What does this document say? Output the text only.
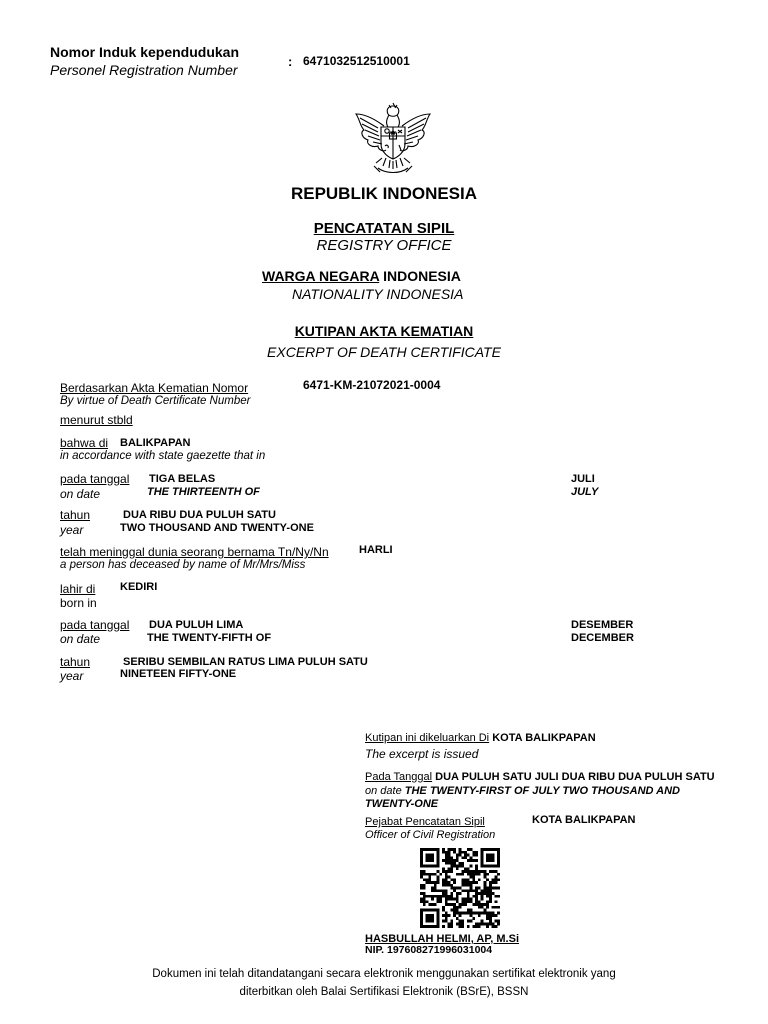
Nomor Induk kependudukan
Personel Registration Number
: 6471032512510001
REPUBLIK INDONESIA
PENCATATAN SIPIL
REGISTRY OFFICE
WARGA NEGARA INDONESIA
NATIONALITY INDONESIA
KUTIPAN AKTA KEMATIAN
EXCERPT OF DEATH CERTIFICATE
Berdasarkan Akta Kematian Nomor	6471-KM-21072021-0004
By virtue of Death Certificate Number
menurut stbld
bahwa di BALIKPAPAN
in accordance with state gaezette that in
pada tanggal TIGA BELAS	JULI
on date	THE THIRTEENTH OF	JULY
tahun	DUA RIBU DUA PULUH SATU
year	TWO THOUSAND AND TWENTY-ONE
telah meninggal dunia seorang bernama Tn/Ny/Nn	HARLI
a person has deceased by name of Mr/Mrs/Miss
lahir di KEDIRI
born in
pada tanggal DUA PULUH LIMA	DESEMBER
on date	THE TWENTY-FIFTH OF	DECEMBER
tahun	SERIBU SEMBILAN RATUS LIMA PULUH SATU
year	NINETEEN FIFTY-ONE
Kutipan ini dikeluarkan Di KOTA BALIKPAPAN
The excerpt is issued
Pada Tanggal DUA PULUH SATU JULI DUA RIBU DUA PULUH SATU
on date THE TWENTY-FIRST OF JULY TWO THOUSAND AND
TWENTY-ONE
Pejabat Pencatatan Sipil	KOTA BALIKPAPAN
Officer of Civil Registration
HASBULLAH HELMI, AP, M.Si
NIP. 197608271996031004
Dokumen ini telah ditandatangani secara elektronik menggunakan sertifikat elektronik yang
diterbitkan oleh Balai Sertifikasi Elektronik (BSrE), BSSN
